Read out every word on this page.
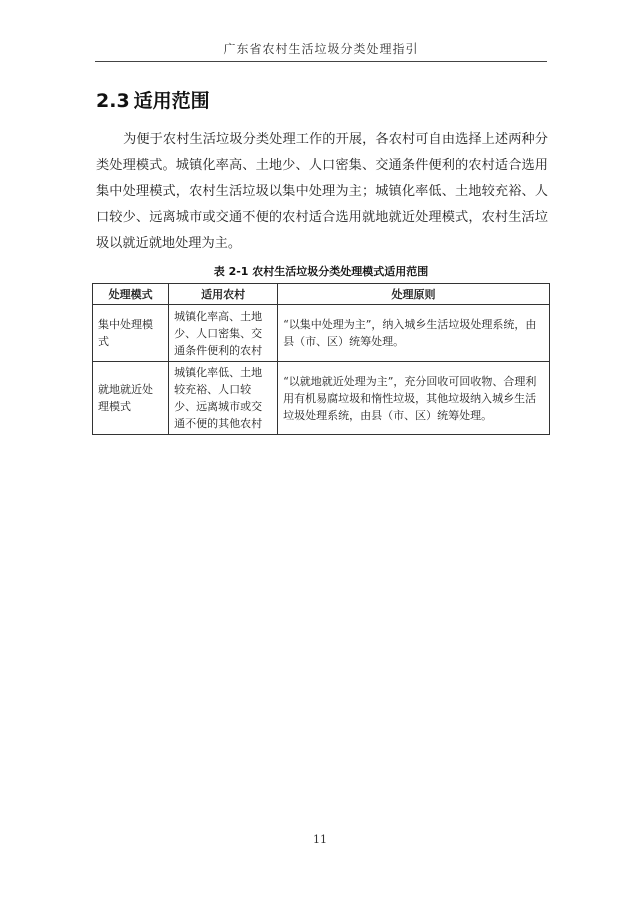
广东省农村生活垃圾分类处理指引
2.3 适用范围
为便于农村生活垃圾分类处理工作的开展，各农村可自由选择上述两种分类处理模式。城镇化率高、土地少、人口密集、交通条件便利的农村适合选用集中处理模式，农村生活垃圾以集中处理为主；城镇化率低、土地较充裕、人口较少、远离城市或交通不便的农村适合选用就地就近处理模式，农村生活垃圾以就近就地处理为主。
表 2-1 农村生活垃圾分类处理模式适用范围
处理模式	适用农村	处理原则
集中处理模式	城镇化率高、土地少、人口密集、交通条件便利的农村	“以集中处理为主”，纳入城乡生活垃圾处理系统，由县（市、区）统筹处理。
就地就近处理模式	城镇化率低、土地较充裕、人口较少、远离城市或交通不便的其他农村	“以就地就近处理为主”，充分回收可回收物、合理利用有机易腐垃圾和惰性垃圾，其他垃圾纳入城乡生活垃圾处理系统，由县（市、区）统筹处理。
11
